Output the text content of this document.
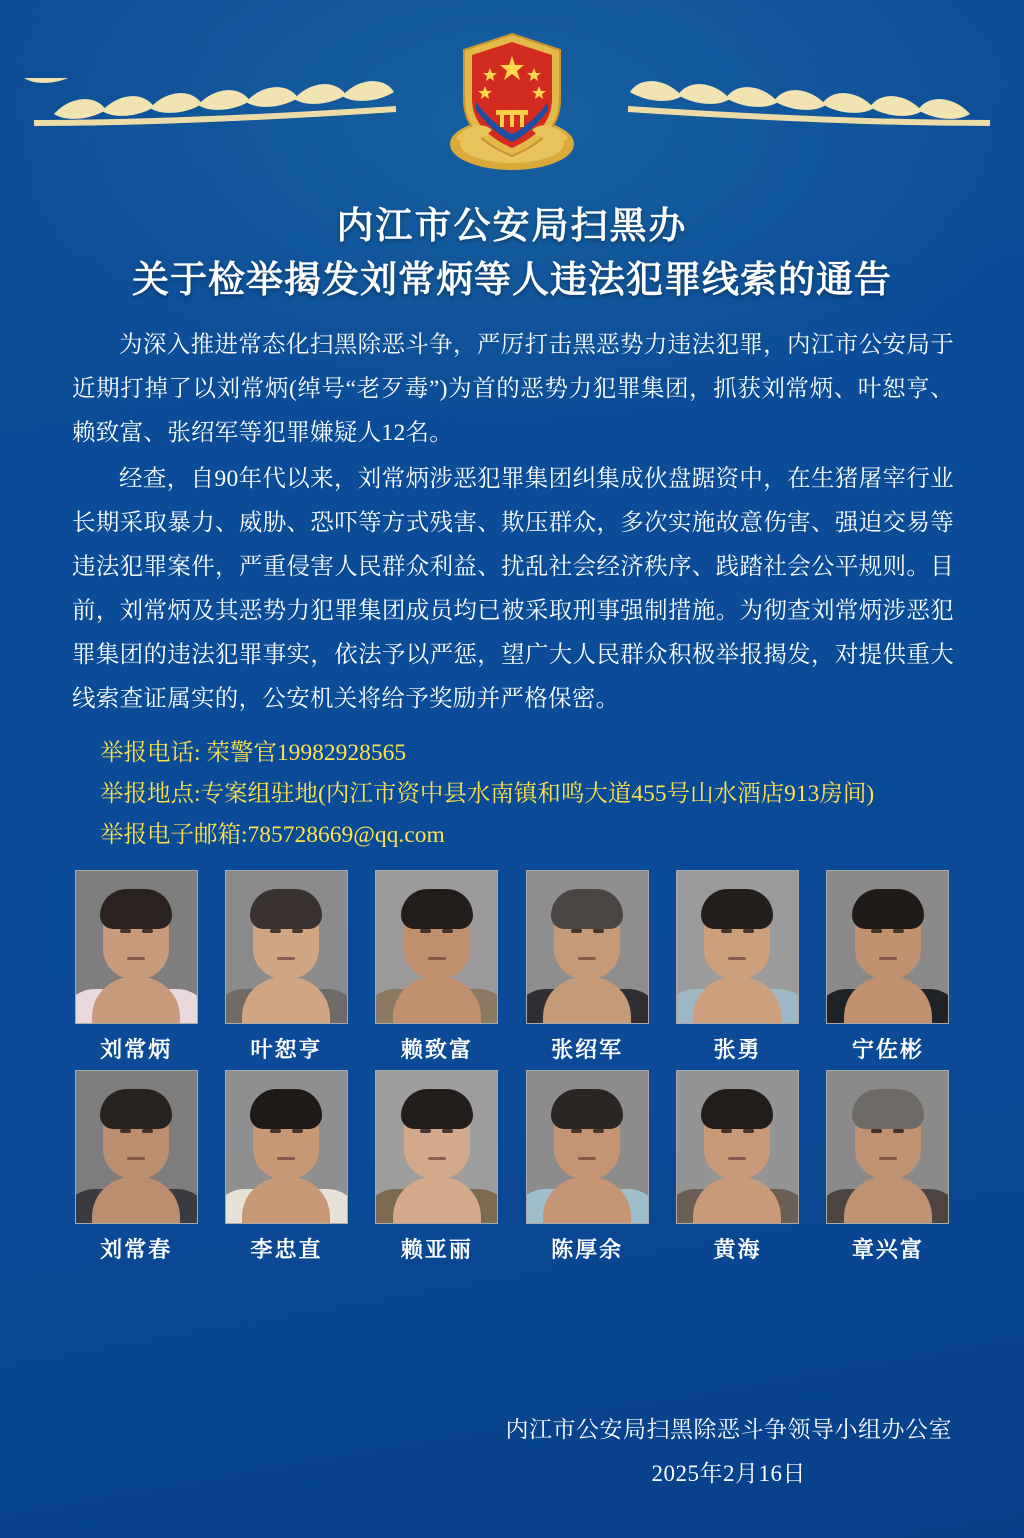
内江市公安局扫黑办
关于检举揭发刘常炳等人违法犯罪线索的通告

为深入推进常态化扫黑除恶斗争，严厉打击黑恶势力违法犯罪，内江市公安局于近期打掉了以刘常炳(绰号“老歹毒”)为首的恶势力犯罪集团，抓获刘常炳、叶恕亨、赖致富、张绍军等犯罪嫌疑人12名。

经查，自90年代以来，刘常炳涉恶犯罪集团纠集成伙盘踞资中，在生猪屠宰行业长期采取暴力、威胁、恐吓等方式残害、欺压群众，多次实施故意伤害、强迫交易等违法犯罪案件，严重侵害人民群众利益、扰乱社会经济秩序、践踏社会公平规则。目前，刘常炳及其恶势力犯罪集团成员均已被采取刑事强制措施。为彻查刘常炳涉恶犯罪集团的违法犯罪事实，依法予以严惩，望广大人民群众积极举报揭发，对提供重大线索查证属实的，公安机关将给予奖励并严格保密。

举报电话: 荣警官19982928565
举报地点:专案组驻地(内江市资中县水南镇和鸣大道455号山水酒店913房间)
举报电子邮箱:785728669@qq.com
刘常炳	叶恕亨	赖致富	张绍军	张勇	宁佐彬
刘常春	李忠直	赖亚丽	陈厚余	黄海	章兴富
内江市公安局扫黑除恶斗争领导小组办公室
2025年2月16日
